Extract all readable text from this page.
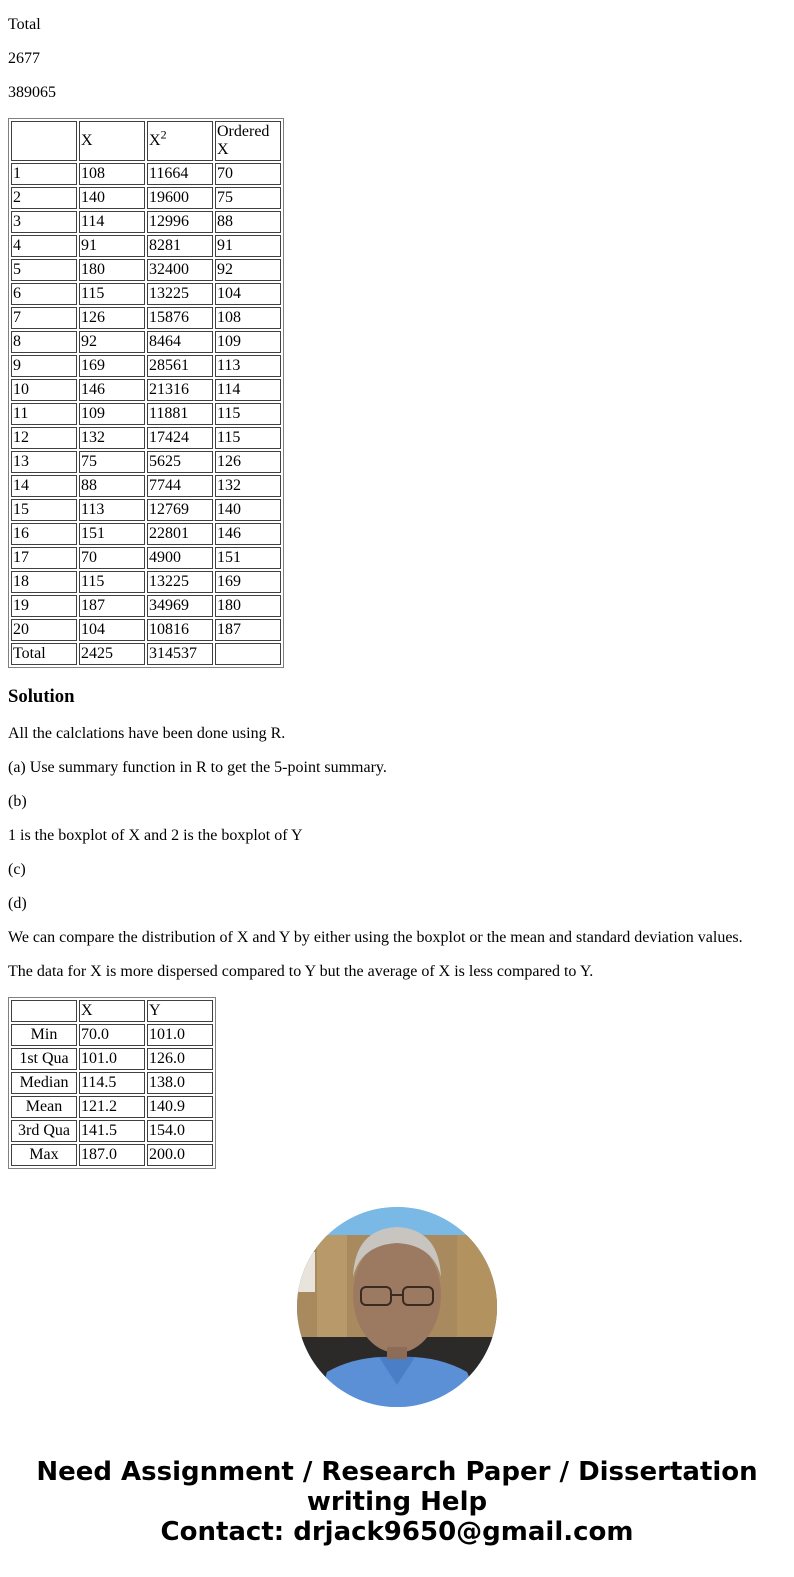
Total

2677

389065

	X	$X^2$	Ordered
X
1	108	11664	70
2	140	19600	75
3	114	12996	88
4	91	8281	91
5	180	32400	92
6	115	13225	104
7	126	15876	108
8	92	8464	109
9	169	28561	113
10	146	21316	114
11	109	11881	115
12	132	17424	115
13	75	5625	126
14	88	7744	132
15	113	12769	140
16	151	22801	146
17	70	4900	151
18	115	13225	169
19	187	34969	180
20	104	10816	187
Total	2425	314537	
Solution

All the calclations have been done using R.

(a) Use summary function in R to get the 5-point summary.

(b)

1 is the boxplot of X and 2 is the boxplot of Y

(c)

(d)

We can compare the distribution of X and Y by either using the boxplot or the mean and standard deviation values.

The data for X is more dispersed compared to Y but the average of X is less compared to Y.

	X	Y
Min	70.0	101.0
1st Qua	101.0	126.0
Median	114.5	138.0
Mean	121.2	140.9
3rd Qua	141.5	154.0
Max	187.0	200.0
Need Assignment / Research Paper / Dissertation
writing Help
Contact: drjack9650@gmail.com
